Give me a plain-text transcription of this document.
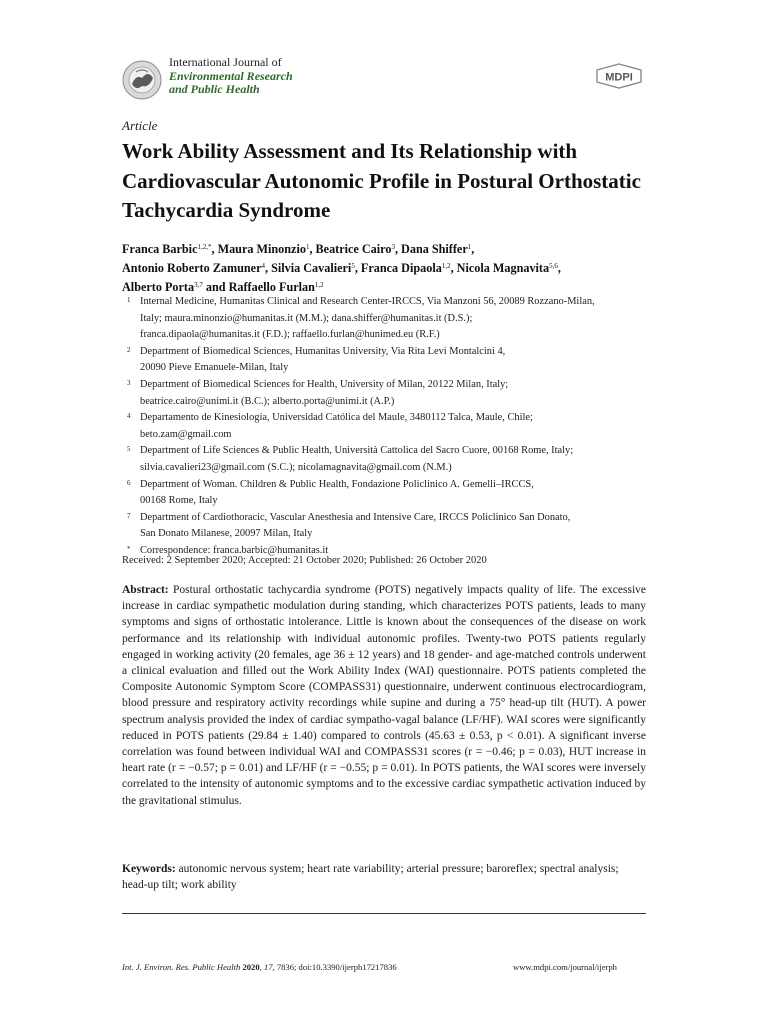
International Journal of
Environmental Research
and Public Health
MDPI
Article
Work Ability Assessment and Its Relationship with Cardiovascular Autonomic Profile in Postural Orthostatic Tachycardia Syndrome
Franca Barbic$^{1,2,*}$, Maura Minonzio$^1$, Beatrice Cairo$^3$, Dana Shiffer$^1$,
Antonio Roberto Zamuner$^4$, Silvia Cavalieri$^5$, Franca Dipaola$^{1,2}$, Nicola Magnavita$^{5,6}$,
Alberto Porta$^{3,7}$ and Raffaello Furlan$^{1,2}$
1 Internal Medicine, Humanitas Clinical and Research Center-IRCCS, Via Manzoni 56, 20089 Rozzano-Milan,
Italy; maura.minonzio@humanitas.it (M.M.); dana.shiffer@humanitas.it (D.S.);
franca.dipaola@humanitas.it (F.D.); raffaello.furlan@hunimed.eu (R.F.)
2 Department of Biomedical Sciences, Humanitas University, Via Rita Levi Montalcini 4,
20090 Pieve Emanuele-Milan, Italy
3 Department of Biomedical Sciences for Health, University of Milan, 20122 Milan, Italy;
beatrice.cairo@unimi.it (B.C.); alberto.porta@unimi.it (A.P.)
4 Departamento de Kinesiología, Universidad Católica del Maule, 3480112 Talca, Maule, Chile;
beto.zam@gmail.com
5 Department of Life Sciences & Public Health, Università Cattolica del Sacro Cuore, 00168 Rome, Italy;
silvia.cavalieri23@gmail.com (S.C.); nicolamagnavita@gmail.com (N.M.)
6 Department of Woman. Children & Public Health, Fondazione Policlinico A. Gemelli–IRCCS,
00168 Rome, Italy
7 Department of Cardiothoracic, Vascular Anesthesia and Intensive Care, IRCCS Policlinico San Donato,
San Donato Milanese, 20097 Milan, Italy
* Correspondence: franca.barbic@humanitas.it
Received: 2 September 2020; Accepted: 21 October 2020; Published: 26 October 2020
Abstract: Postural orthostatic tachycardia syndrome (POTS) negatively impacts quality of life. The excessive increase in cardiac sympathetic modulation during standing, which characterizes POTS patients, leads to many symptoms and signs of orthostatic intolerance. Little is known about the consequences of the disease on work performance and its relationship with individual autonomic profiles. Twenty-two POTS patients regularly engaged in working activity (20 females, age 36 ± 12 years) and 18 gender- and age-matched controls underwent a clinical evaluation and filled out the Work Ability Index (WAI) questionnaire. POTS patients completed the Composite Autonomic Symptom Score (COMPASS31) questionnaire, underwent continuous electrocardiogram, blood pressure and respiratory activity recordings while supine and during a 75° head-up tilt (HUT). A power spectrum analysis provided the index of cardiac sympatho-vagal balance (LF/HF). WAI scores were significantly reduced in POTS patients (29.84 ± 1.40) compared to controls (45.63 ± 0.53, p < 0.01). A significant inverse correlation was found between individual WAI and COMPASS31 scores (r = −0.46; p = 0.03), HUT increase in heart rate (r = −0.57; p = 0.01) and LF/HF (r = −0.55; p = 0.01). In POTS patients, the WAI scores were inversely correlated to the intensity of autonomic symptoms and to the excessive cardiac sympathetic activation induced by the gravitational stimulus.
Keywords: autonomic nervous system; heart rate variability; arterial pressure; baroreflex; spectral analysis; head-up tilt; work ability
Int. J. Environ. Res. Public Health 2020, 17, 7836; doi:10.3390/ijerph17217836	www.mdpi.com/journal/ijerph
